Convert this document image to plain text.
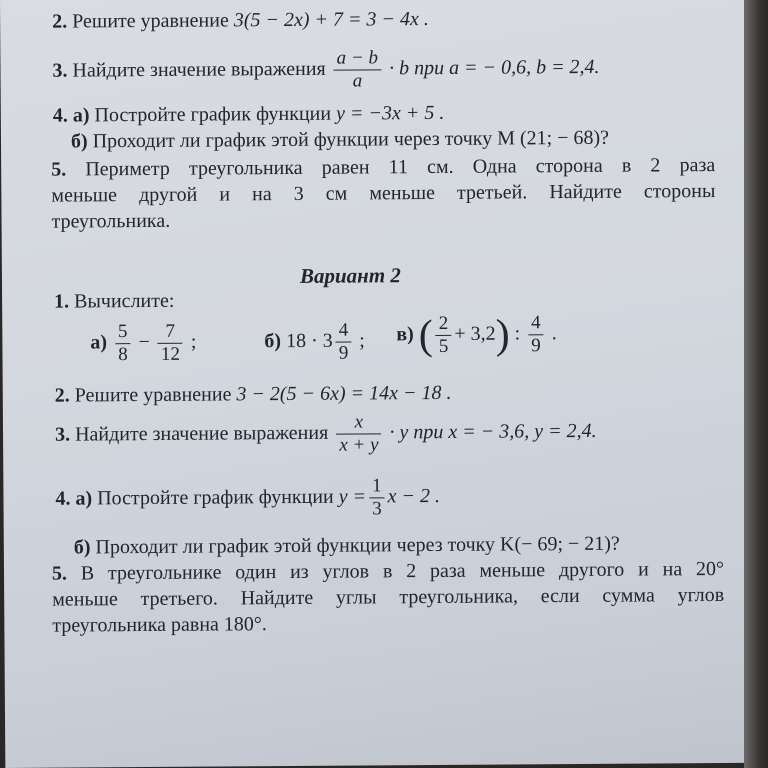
2. Решите уравнение 3(5 − 2x) + 7 = 3 − 4x .
3. Найдите значение выражения $\frac{a - b}{a} \cdot b$ при a = − 0,6, b = 2,4.
4. а) Постройте график функции y = −3x + 5 .
б) Проходит ли график этой функции через точку M (21; − 68)?
5. Периметр треугольника равен 11 см. Одна сторона в 2 раза
меньше другой и на 3 см меньше третьей. Найдите стороны
треугольника.
Вариант 2
1. Вычислите:
$а) \frac{5}{8} - \frac{7}{12}$ ;	б) $18 \cdot 3 \frac{4}{9}$ ; в) ( $\frac{2}{5} + 3,2$) : $\frac{4}{9}$ .
2. Решите уравнение 3 − 2(5 − 6x) = 14x − 18 .
3. Найдите значение выражения $\frac{x}{x + y} \cdot y$ при x = − 3,6, y = 2,4.
4. а) Постройте график функции $y = \frac{1}{3}$ x − 2 .
б) Проходит ли график этой функции через точку K(− 69; − 21)?
5. В треугольнике один из углов в 2 раза меньше другого и на 20°
меньше третьего. Найдите углы треугольника, если сумма углов
треугольника равна 180°.
